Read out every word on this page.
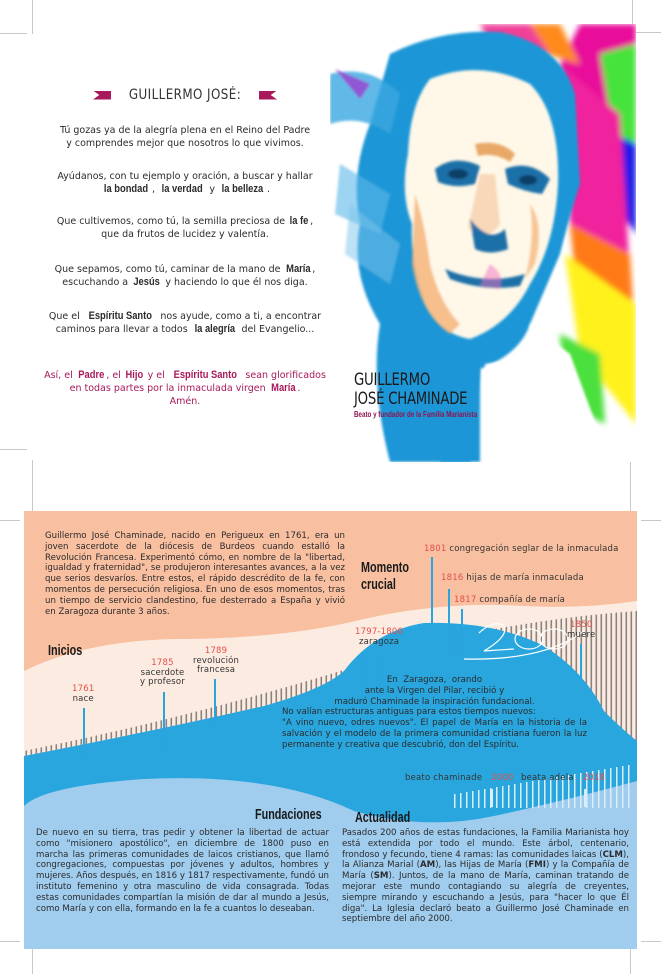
GUILLERMO JOSÉ:

Tú gozas ya de la alegría plena en el Reino del Padre
y comprendes mejor que nosotros lo que vivimos.

Ayúdanos, con tu ejemplo y oración, a buscar y hallar
la bondad , la verdad y la belleza .

Que cultivemos, como tú, la semilla preciosa de la fe ,
que da frutos de lucidez y valentía.

Que sepamos, como tú, caminar de la mano de María ,
escuchando a Jesús y haciendo lo que él nos diga.

Que el Espíritu Santo nos ayude, como a ti, a encontrar
caminos para llevar a todos la alegría del Evangelio...

Así, el Padre , el Hijo y el Espíritu Santo sean glorificados
en todas partes por la inmaculada virgen María .
Amén.

GUILLERMO
JOSÉ CHAMINADE
Beato y fundador de la Familia Marianista

Guillermo José Chaminade, nacido en Perigueux en 1761, era un joven sacerdote de la diócesis de Burdeos cuando estalló la Revolución Francesa. Experimentó cómo, en nombre de la "libertad, igualdad y fraternidad", se produjeron interesantes avances, a la vez que serios desvaríos. Entre estos, el rápido descrédito de la fe, con momentos de persecución religiosa. En uno de esos momentos, tras un tiempo de servicio clandestino, fue desterrado a España y vivió en Zaragoza durante 3 años.

Inicios
Momento
crucial
Fundaciones Actualidad
1761
nace
1785
sacerdote
y profesor
1789
revolución
francesa
1797-1800
zaragoza
1801 congregación seglar de la inmaculada
1816 hijas de maría inmaculada
1817 compañía de maría
1850
muere
beato chaminade 2000 beata adela 2018
En  Zaragoza,  orando
ante la Virgen del Pilar, recibió y
maduró Chaminade la inspiración fundacional.
No valían estructuras antiguas para estos tiempos nuevos:
"A vino nuevo, odres nuevos". El papel de María en la historia de la salvación y el modelo de la primera comunidad cristiana fueron la luz permanente y creativa que descubrió, don del Espíritu.

De nuevo en su tierra, tras pedir y obtener la libertad de actuar como "misionero apostólico", en diciembre de 1800 puso en marcha las primeras comunidades de laicos cristianos, que llamó congregaciones, compuestas por jóvenes y adultos, hombres y mujeres. Años después, en 1816 y 1817 respectivamente, fundó un instituto femenino y otra masculino de vida consagrada. Todas estas comunidades compartían la misión de dar al mundo a Jesús, como María y con ella, formando en la fe a cuantos lo deseaban.

Pasados 200 años de estas fundaciones, la Familia Marianista hoy está extendida por todo el mundo. Este árbol, centenario, frondoso y fecundo, tiene 4 ramas: las comunidades laicas (CLM), la Alianza Marial (AM), las Hijas de María (FMI) y la Compañía de María (SM). Juntos, de la mano de María, caminan tratando de mejorar este mundo contagiando su alegría de creyentes, siempre mirando y escuchando a Jesús, para "hacer lo que Él diga". La Iglesia declaró beato a Guillermo José Chaminade en septiembre del año 2000.
